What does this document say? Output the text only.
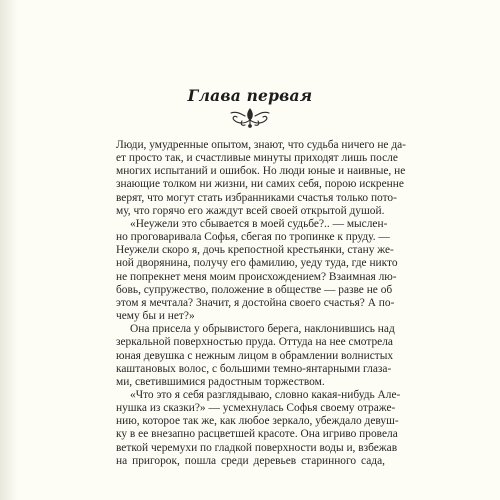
Глава первая

Люди, умудренные опытом, знают, что судьба ничего не да-
ет просто так, и счастливые минуты приходят лишь после
многих испытаний и ошибок. Но люди юные и наивные, не
знающие толком ни жизни, ни самих себя, порою искренне
верят, что могут стать избранниками счастья только пото-
му, что горячо его жаждут всей своей открытой душой.

«Неужели это сбывается в моей судьбе?.. — мыслен-
но проговаривала Софья, сбегая по тропинке к пруду. —
Неужели скоро я, дочь крепостной крестьянки, стану же-
ной дворянина, получу его фамилию, уеду туда, где никто
не попрекнет меня моим происхождением? Взаимная лю-
бовь, супружество, положение в обществе — разве не об
этом я мечтала? Значит, я достойна своего счастья? А по-
чему бы и нет?»

Она присела у обрывистого берега, наклонившись над
зеркальной поверхностью пруда. Оттуда на нее смотрела
юная девушка с нежным лицом в обрамлении волнистых
каштановых волос, с большими темно-янтарными глаза-
ми, светившимися радостным торжеством.

«Что это я себя разглядываю, словно какая-нибудь Але-
нушка из сказки?» — усмехнулась Софья своему отраже-
нию, которое так же, как любое зеркало, убеждало девуш-
ку в ее внезапно расцветшей красоте. Она игриво провела
веткой черемухи по гладкой поверхности воды и, взбежав
на пригорок, пошла среди деревьев старинного сада,
